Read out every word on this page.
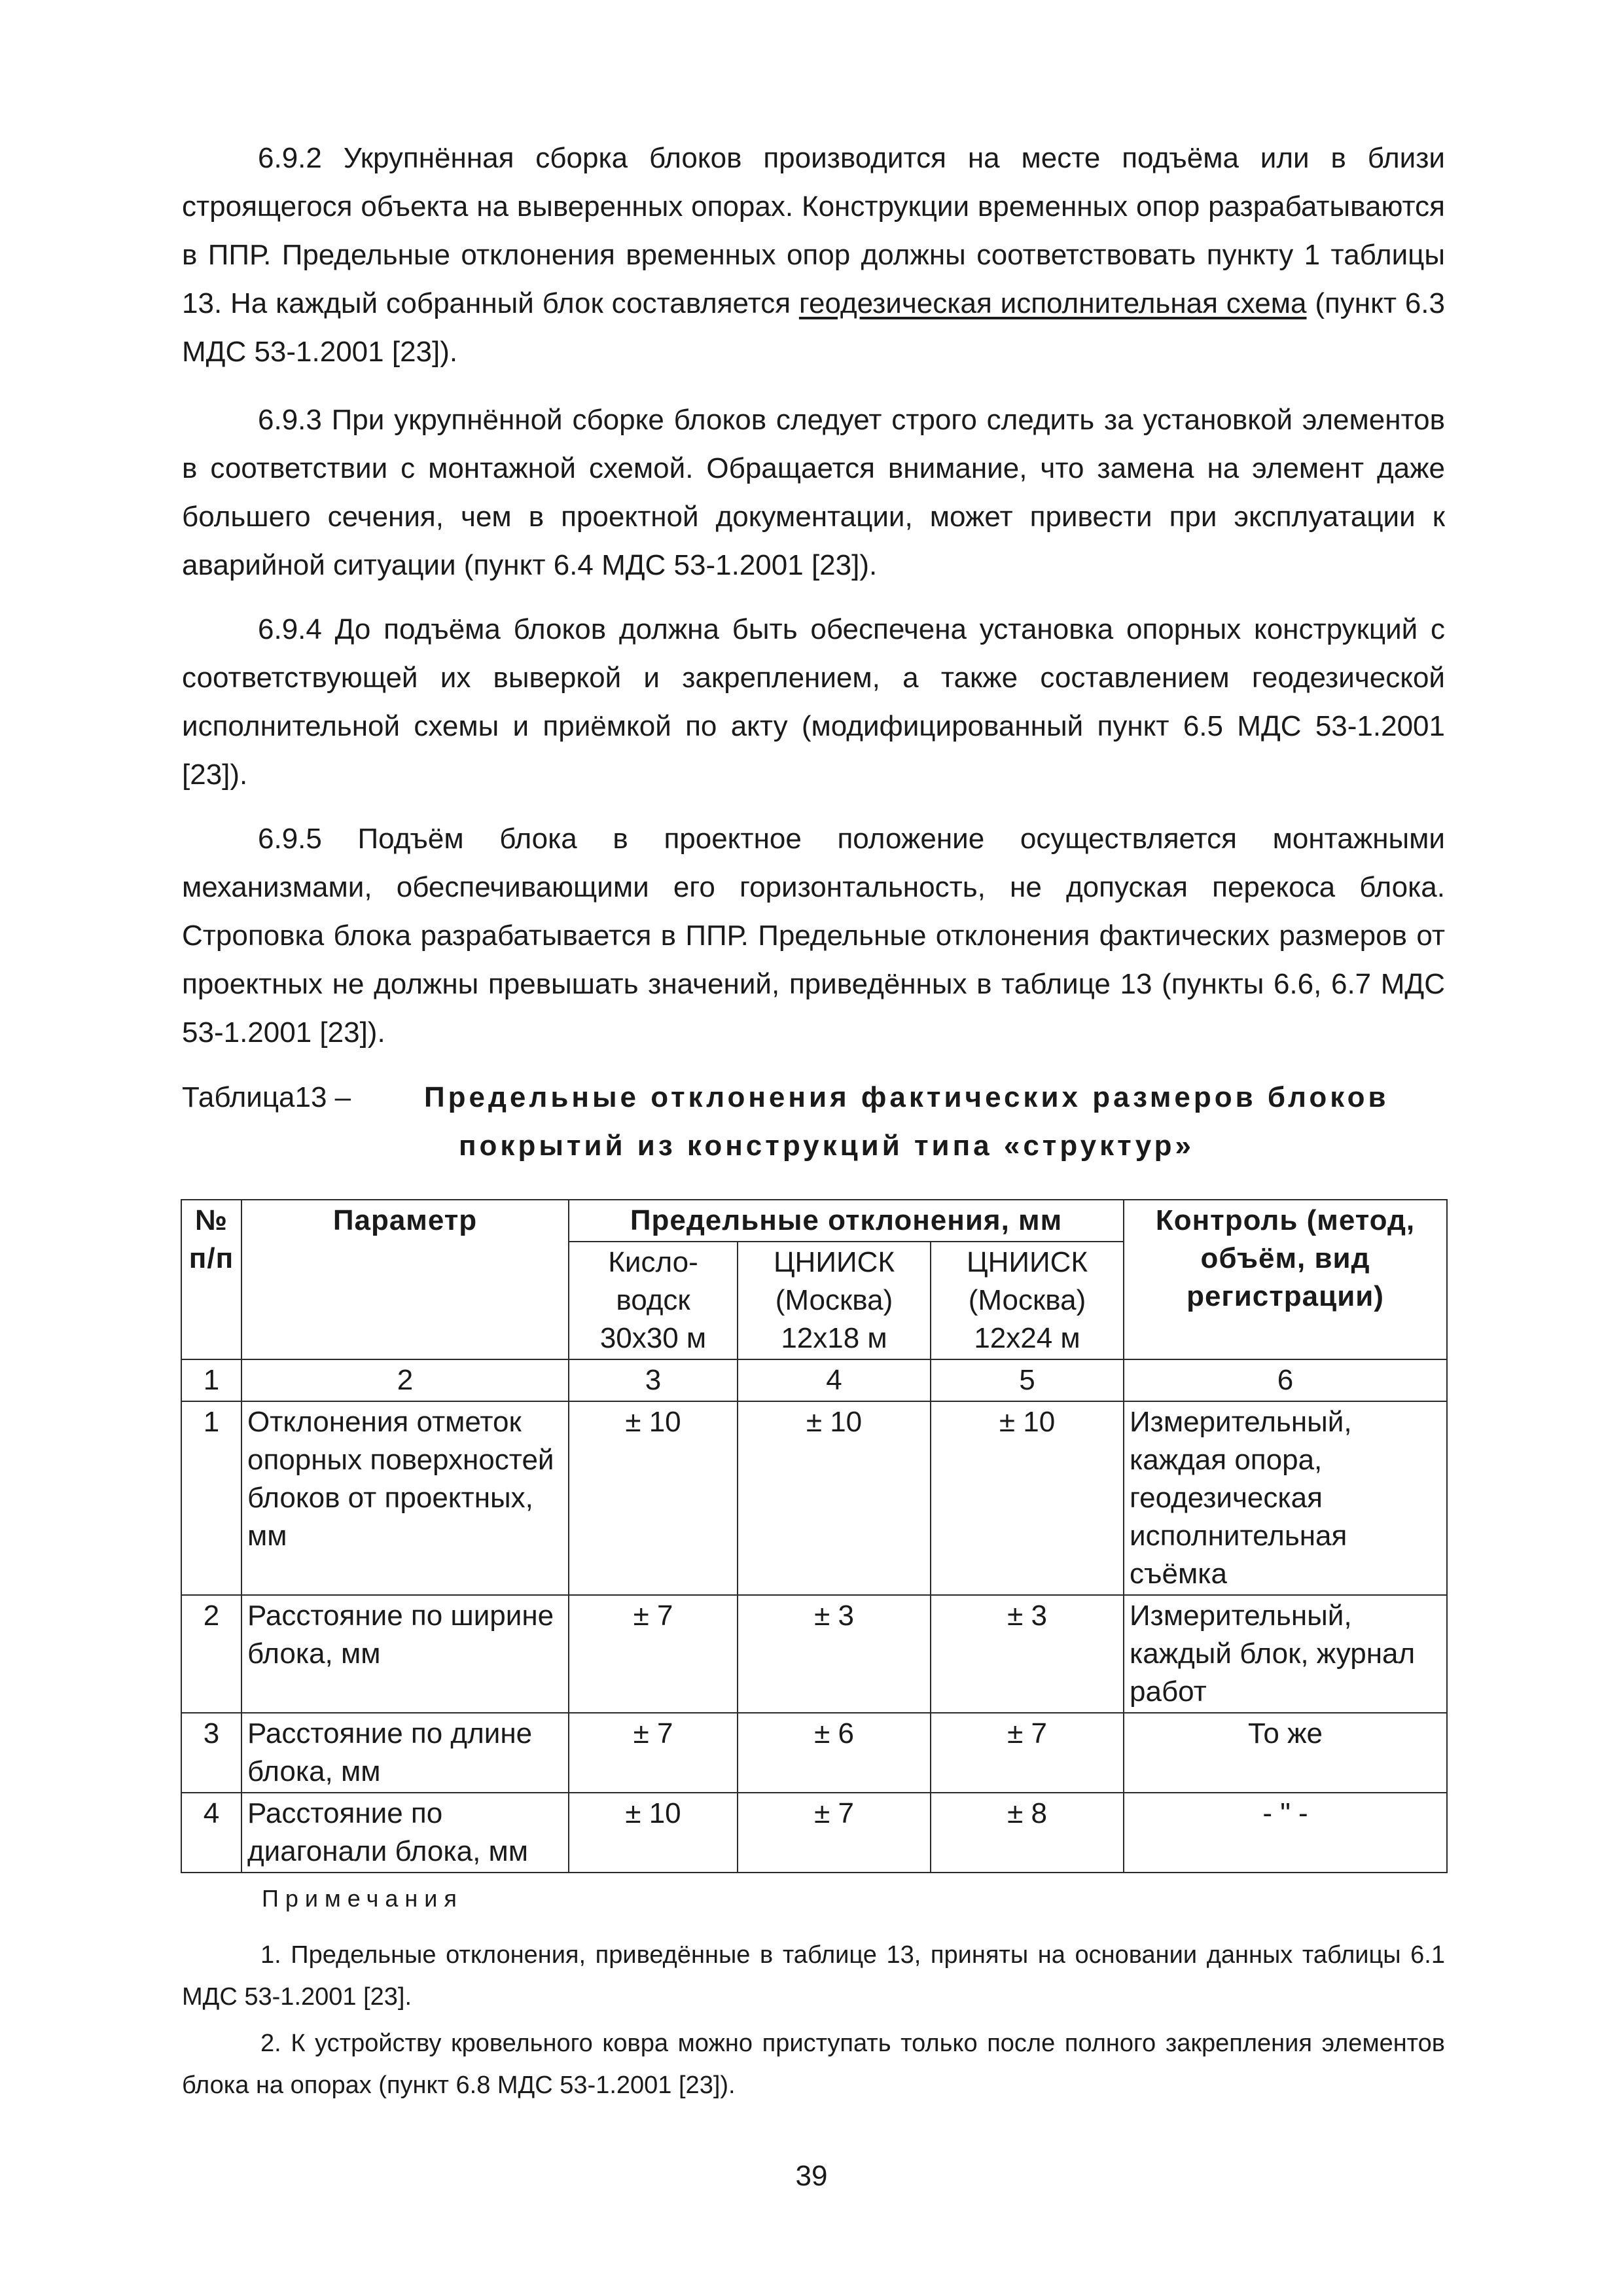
6.9.2 Укрупнённая сборка блоков производится на месте подъёма или в близи строящегося объекта на выверенных опорах. Конструкции временных опор разрабатываются в ППР. Предельные отклонения временных опор должны соответствовать пункту 1 таблицы 13. На каждый собранный блок составляется геодезическая исполнительная схема (пункт 6.3 МДС 53-1.2001 [23]).

6.9.3 При укрупнённой сборке блоков следует строго следить за установкой элементов в соответствии с монтажной схемой. Обращается внимание, что замена на элемент даже большего сечения, чем в проектной документации, может привести при эксплуатации к аварийной ситуации (пункт 6.4 МДС 53-1.2001 [23]).

6.9.4 До подъёма блоков должна быть обеспечена установка опорных конструкций с соответствующей их выверкой и закреплением, а также составлением геодезической исполнительной схемы и приёмкой по акту (модифицированный пункт 6.5 МДС 53-1.2001 [23]).

6.9.5 Подъём блока в проектное положение осуществляется монтажными механизмами, обеспечивающими его горизонтальность, не допуская перекоса блока. Строповка блока разрабатывается в ППР. Предельные отклонения фактических размеров от проектных не должны превышать значений, приведённых в таблице 13 (пункты 6.6, 6.7 МДС 53-1.2001 [23]).

Таблица13 –	Предельные отклонения фактических размеров блоков
покрытий из конструкций типа «структур»
№ п/п	Параметр	Предельные отклонения, мм			Контроль (метод, объём, вид регистрации)
		Кисло-водск 30х30 м	ЦНИИСК (Москва) 12х18 м	ЦНИИСК (Москва) 12х24 м	
1	2	3	4	5	6
1	Отклонения отметок опорных поверхностей блоков от проектных, мм	± 10	± 10	± 10	Измерительный, каждая опора, геодезическая исполнительная съёмка
2	Расстояние по ширине блока, мм	± 7	± 3	± 3	Измерительный, каждый блок, журнал работ
3	Расстояние по длине блока, мм	± 7	± 6	± 7	То же
4	Расстояние по диагонали блока, мм	± 10	± 7	± 8	- " -
Примечания

1. Предельные отклонения, приведённые в таблице 13, приняты на основании данных таблицы 6.1 МДС 53-1.2001 [23].

2. К устройству кровельного ковра можно приступать только после полного закрепления элементов блока на опорах (пункт 6.8 МДС 53-1.2001 [23]).

39
